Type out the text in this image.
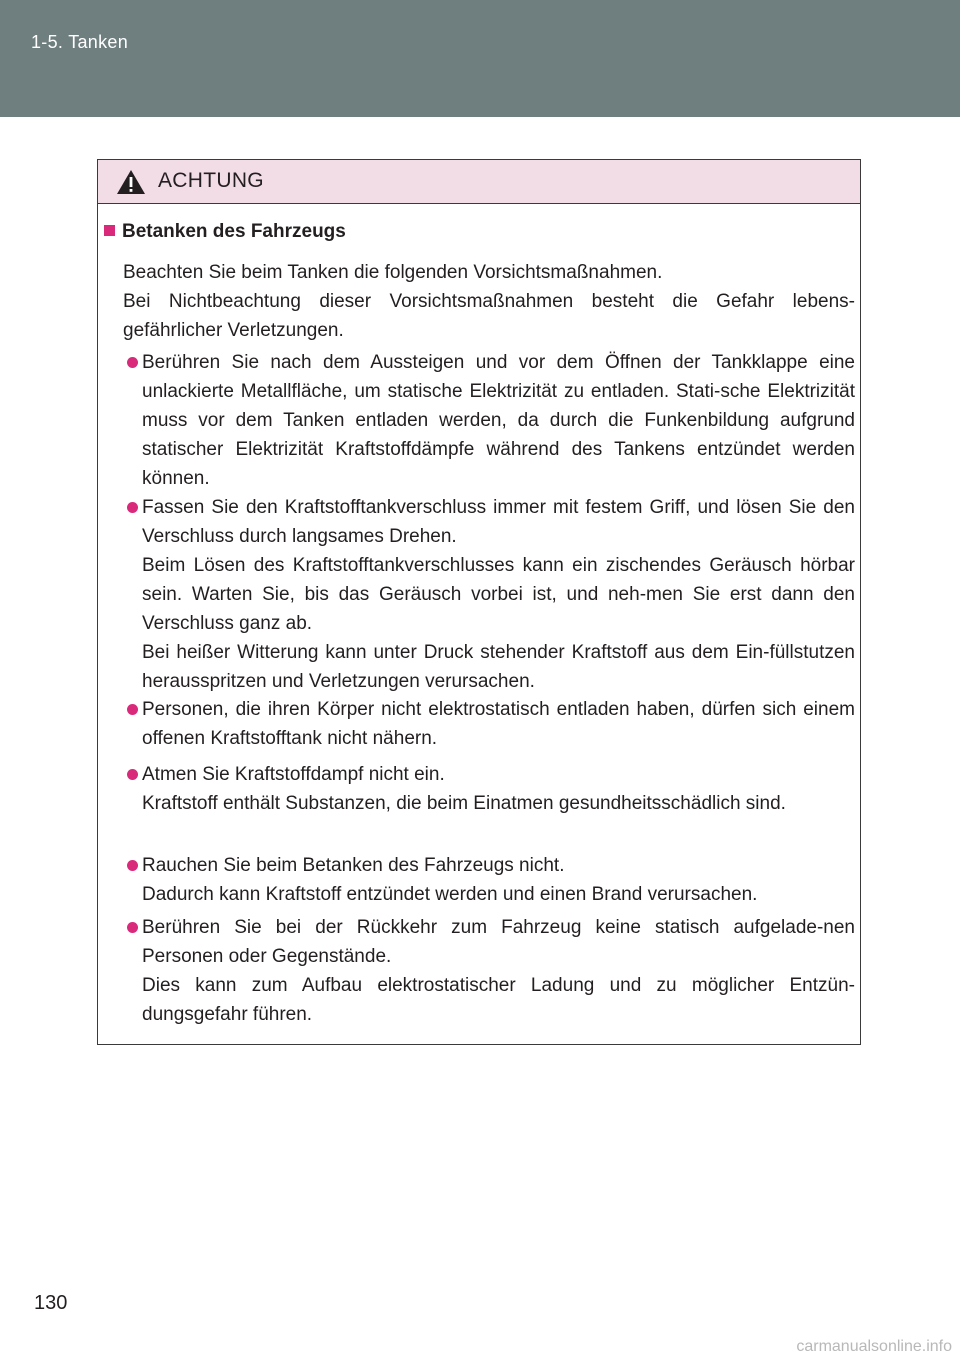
1-5. Tanken
ACHTUNG
Betanken des Fahrzeugs

Beachten Sie beim Tanken die folgenden Vorsichtsmaßnahmen.

Bei Nichtbeachtung dieser Vorsichtsmaßnahmen besteht die Gefahr lebens-gefährlicher Verletzungen.

Berühren Sie nach dem Aussteigen und vor dem Öffnen der Tankklappe eine unlackierte Metallfläche, um statische Elektrizität zu entladen. Stati-sche Elektrizität muss vor dem Tanken entladen werden, da durch die Funkenbildung aufgrund statischer Elektrizität Kraftstoffdämpfe während des Tankens entzündet werden können.

Fassen Sie den Kraftstofftankverschluss immer mit festem Griff, und lösen Sie den Verschluss durch langsames Drehen.

Beim Lösen des Kraftstofftankverschlusses kann ein zischendes Geräusch hörbar sein. Warten Sie, bis das Geräusch vorbei ist, und neh-men Sie erst dann den Verschluss ganz ab.

Bei heißer Witterung kann unter Druck stehender Kraftstoff aus dem Ein-füllstutzen herausspritzen und Verletzungen verursachen.

Personen, die ihren Körper nicht elektrostatisch entladen haben, dürfen sich einem offenen Kraftstofftank nicht nähern.

Atmen Sie Kraftstoffdampf nicht ein.

Kraftstoff enthält Substanzen, die beim Einatmen gesundheitsschädlich sind.

Rauchen Sie beim Betanken des Fahrzeugs nicht.

Dadurch kann Kraftstoff entzündet werden und einen Brand verursachen.

Berühren Sie bei der Rückkehr zum Fahrzeug keine statisch aufgelade-nen Personen oder Gegenstände.

Dies kann zum Aufbau elektrostatischer Ladung und zu möglicher Entzün-dungsgefahr führen.

130
carmanualsonline.info
